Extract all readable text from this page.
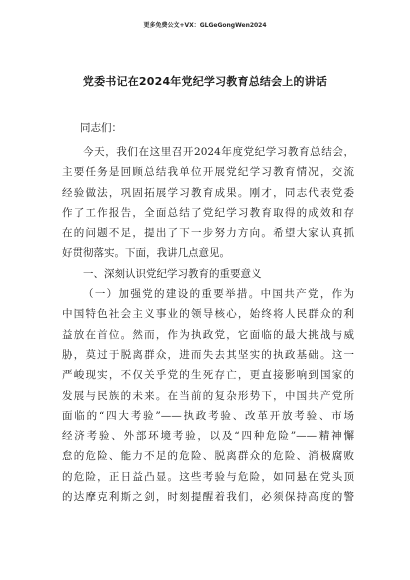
更多免费公文+VX：GLGeGongWen2024
党委书记在2024年党纪学习教育总结会上的讲话
同志们：
今天，我们在这里召开2024年度党纪学习教育总结会，
主要任务是回顾总结我单位开展党纪学习教育情况，交流
经验做法，巩固拓展学习教育成果。刚才，同志代表党委
作了工作报告，全面总结了党纪学习教育取得的成效和存
在的问题不足，提出了下一步努力方向。希望大家认真抓
好贯彻落实。下面，我讲几点意见。
一、深刻认识党纪学习教育的重要意义
（一）加强党的建设的重要举措。中国共产党，作为
中国特色社会主义事业的领导核心，始终将人民群众的利
益放在首位。然而，作为执政党，它面临的最大挑战与威
胁，莫过于脱离群众，进而失去其坚实的执政基础。这一
严峻现实，不仅关乎党的生死存亡，更直接影响到国家的
发展与民族的未来。在当前的复杂形势下，中国共产党所
面临的“四大考验”——执政考验、改革开放考验、市场
经济考验、外部环境考验，以及“四种危险”——精神懈
怠的危险、能力不足的危险、脱离群众的危险、消极腐败
的危险，正日益凸显。这些考验与危险，如同悬在党头顶
的达摩克利斯之剑，时刻提醒着我们，必须保持高度的警
